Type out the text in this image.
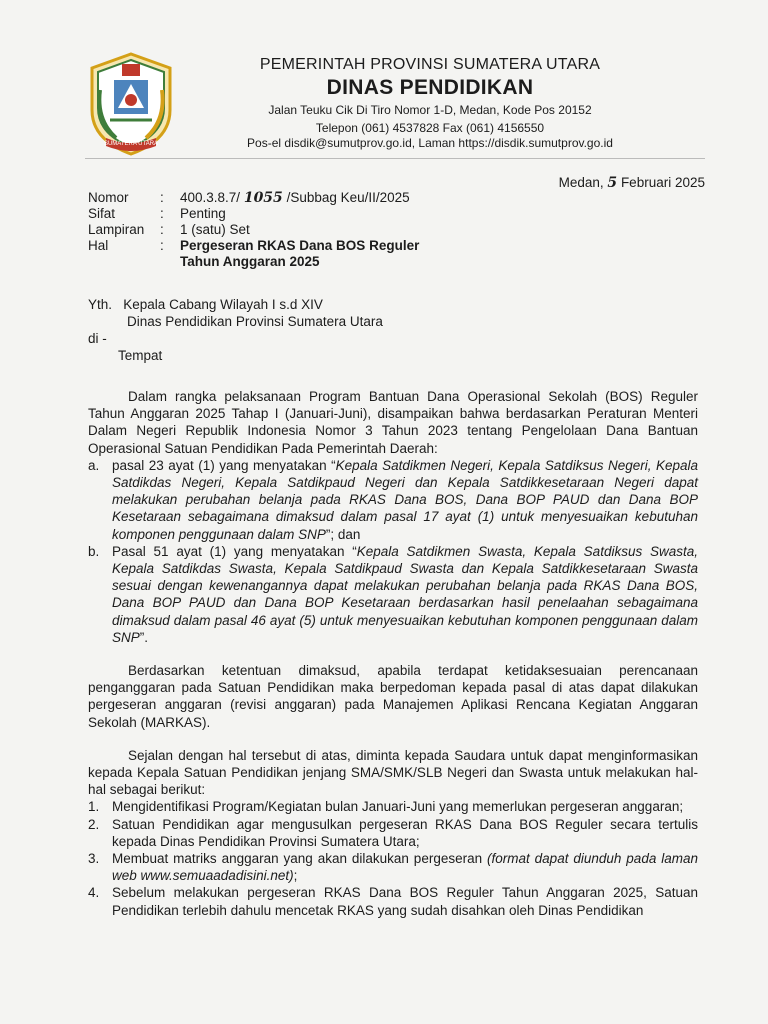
SUMATERA UTARA
PEMERINTAH PROVINSI SUMATERA UTARA
DINAS PENDIDIKAN
Jalan Teuku Cik Di Tiro Nomor 1-D, Medan, Kode Pos 20152
Telepon (061) 4537828 Fax (061) 4156550
Pos-el disdik@sumutprov.go.id, Laman https://disdik.sumutprov.go.id
Medan, 5 Februari 2025
Nomor	:	400.3.8.7/ 1055 /Subbag Keu/II/2025
Sifat	:	Penting
Lampiran	:	1 (satu) Set
Hal	:	Pergeseran RKAS Dana BOS Reguler
Tahun Anggaran 2025
Yth. Kepala Cabang Wilayah I s.d XIV
Dinas Pendidikan Provinsi Sumatera Utara
di -
Tempat

Dalam rangka pelaksanaan Program Bantuan Dana Operasional Sekolah (BOS) Reguler Tahun Anggaran 2025 Tahap I (Januari-Juni), disampaikan bahwa berdasarkan Peraturan Menteri Dalam Negeri Republik Indonesia Nomor 3 Tahun 2023 tentang Pengelolaan Dana Bantuan Operasional Satuan Pendidikan Pada Pemerintah Daerah:

a. pasal 23 ayat (1) yang menyatakan “Kepala Satdikmen Negeri, Kepala Satdiksus Negeri, Kepala Satdikdas Negeri, Kepala Satdikpaud Negeri dan Kepala Satdikkesetaraan Negeri dapat melakukan perubahan belanja pada RKAS Dana BOS, Dana BOP PAUD dan Dana BOP Kesetaraan sebagaimana dimaksud dalam pasal 17 ayat (1) untuk menyesuaikan kebutuhan komponen penggunaan dalam SNP”; dan
b. Pasal 51 ayat (1) yang menyatakan “Kepala Satdikmen Swasta, Kepala Satdiksus Swasta, Kepala Satdikdas Swasta, Kepala Satdikpaud Swasta dan Kepala Satdikkesetaraan Swasta sesuai dengan kewenangannya dapat melakukan perubahan belanja pada RKAS Dana BOS, Dana BOP PAUD dan Dana BOP Kesetaraan berdasarkan hasil penelaahan sebagaimana dimaksud dalam pasal 46 ayat (5) untuk menyesuaikan kebutuhan komponen penggunaan dalam SNP”.

Berdasarkan ketentuan dimaksud, apabila terdapat ketidaksesuaian perencanaan penganggaran pada Satuan Pendidikan maka berpedoman kepada pasal di atas dapat dilakukan pergeseran anggaran (revisi anggaran) pada Manajemen Aplikasi Rencana Kegiatan Anggaran Sekolah (MARKAS).

Sejalan dengan hal tersebut di atas, diminta kepada Saudara untuk dapat menginformasikan kepada Kepala Satuan Pendidikan jenjang SMA/SMK/SLB Negeri dan Swasta untuk melakukan hal-hal sebagai berikut:

1. Mengidentifikasi Program/Kegiatan bulan Januari-Juni yang memerlukan pergeseran anggaran;
2. Satuan Pendidikan agar mengusulkan pergeseran RKAS Dana BOS Reguler secara tertulis kepada Dinas Pendidikan Provinsi Sumatera Utara;
3. Membuat matriks anggaran yang akan dilakukan pergeseran (format dapat diunduh pada laman web www.semuaadadisini.net);
4. Sebelum melakukan pergeseran RKAS Dana BOS Reguler Tahun Anggaran 2025, Satuan Pendidikan terlebih dahulu mencetak RKAS yang sudah disahkan oleh Dinas Pendidikan
